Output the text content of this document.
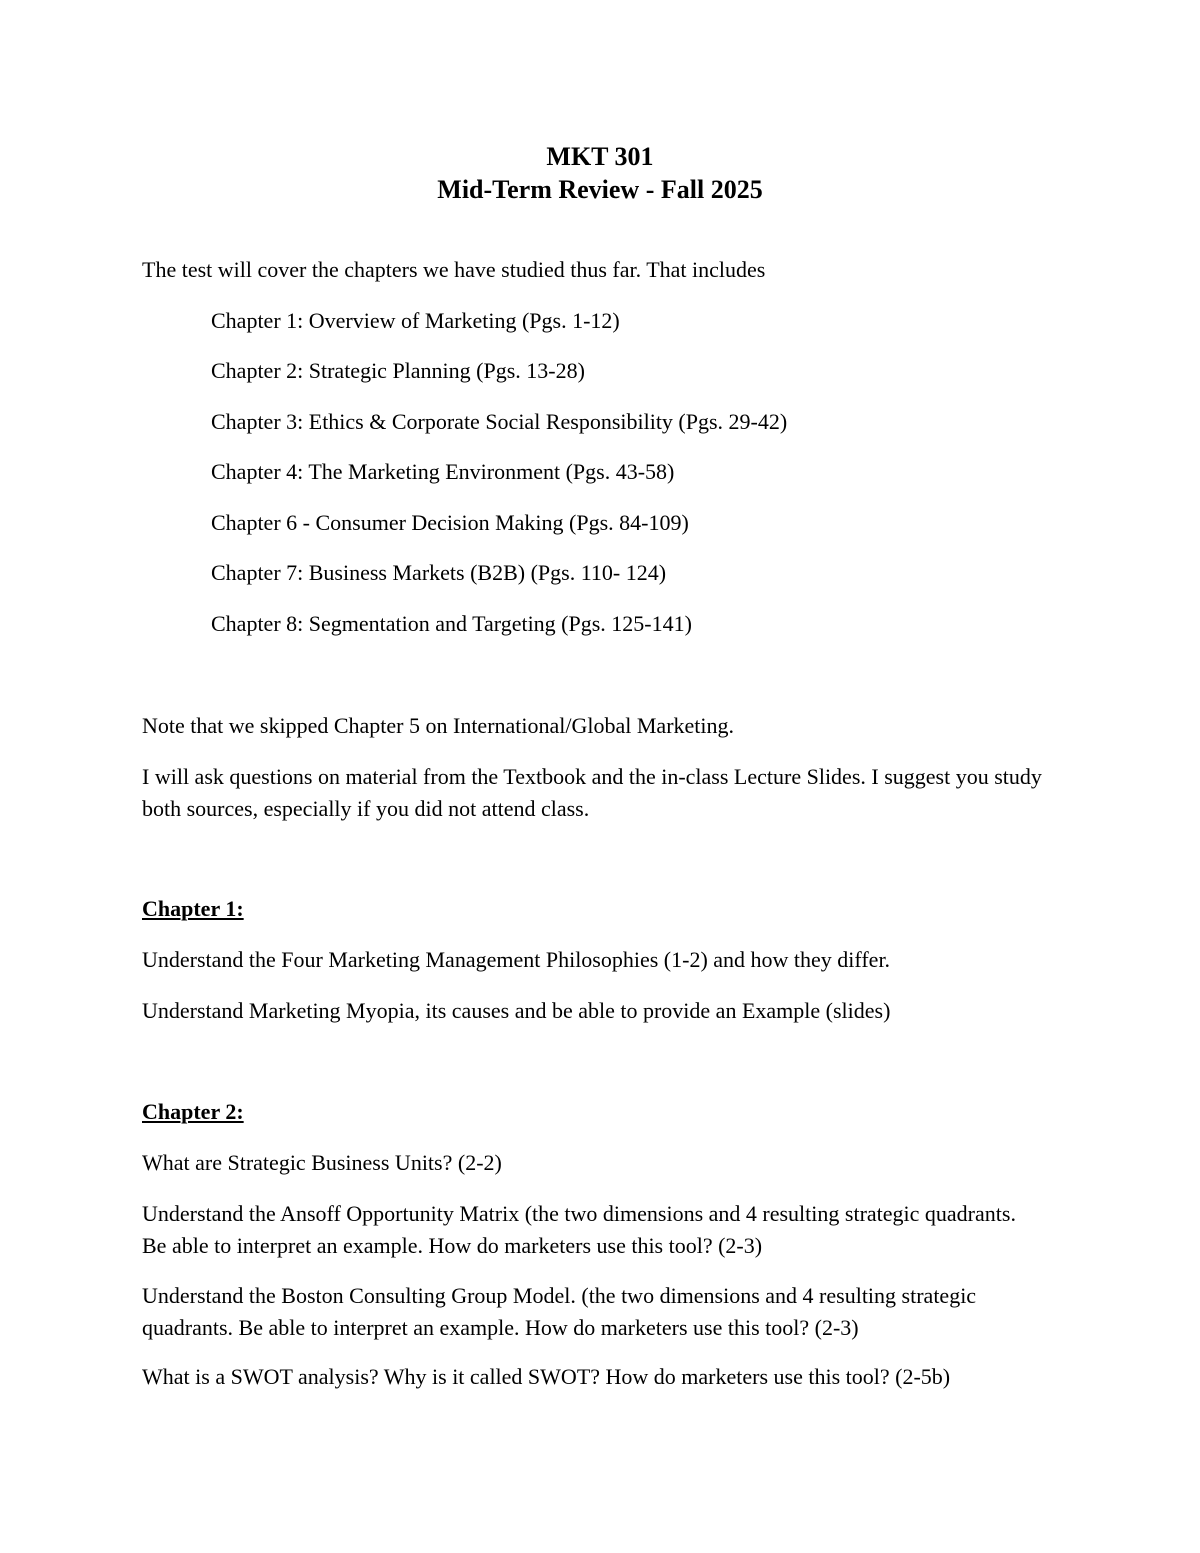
MKT 301
Mid-Term Review - Fall 2025
The test will cover the chapters we have studied thus far. That includes
Chapter 1: Overview of Marketing (Pgs. 1-12)
Chapter 2: Strategic Planning (Pgs. 13-28)
Chapter 3: Ethics & Corporate Social Responsibility (Pgs. 29-42)
Chapter 4: The Marketing Environment (Pgs. 43-58)
Chapter 6 - Consumer Decision Making (Pgs. 84-109)
Chapter 7: Business Markets (B2B) (Pgs. 110- 124)
Chapter 8: Segmentation and Targeting (Pgs. 125-141)
Note that we skipped Chapter 5 on International/Global Marketing.
I will ask questions on material from the Textbook and the in-class Lecture Slides. I suggest you study both sources, especially if you did not attend class.
Chapter 1:
Understand the Four Marketing Management Philosophies (1-2) and how they differ.
Understand Marketing Myopia, its causes and be able to provide an Example (slides)
Chapter 2:
What are Strategic Business Units? (2-2)
Understand the Ansoff Opportunity Matrix (the two dimensions and 4 resulting strategic quadrants. Be able to interpret an example. How do marketers use this tool? (2-3)
Understand the Boston Consulting Group Model. (the two dimensions and 4 resulting strategic quadrants. Be able to interpret an example. How do marketers use this tool? (2-3)
What is a SWOT analysis? Why is it called SWOT? How do marketers use this tool? (2-5b)
